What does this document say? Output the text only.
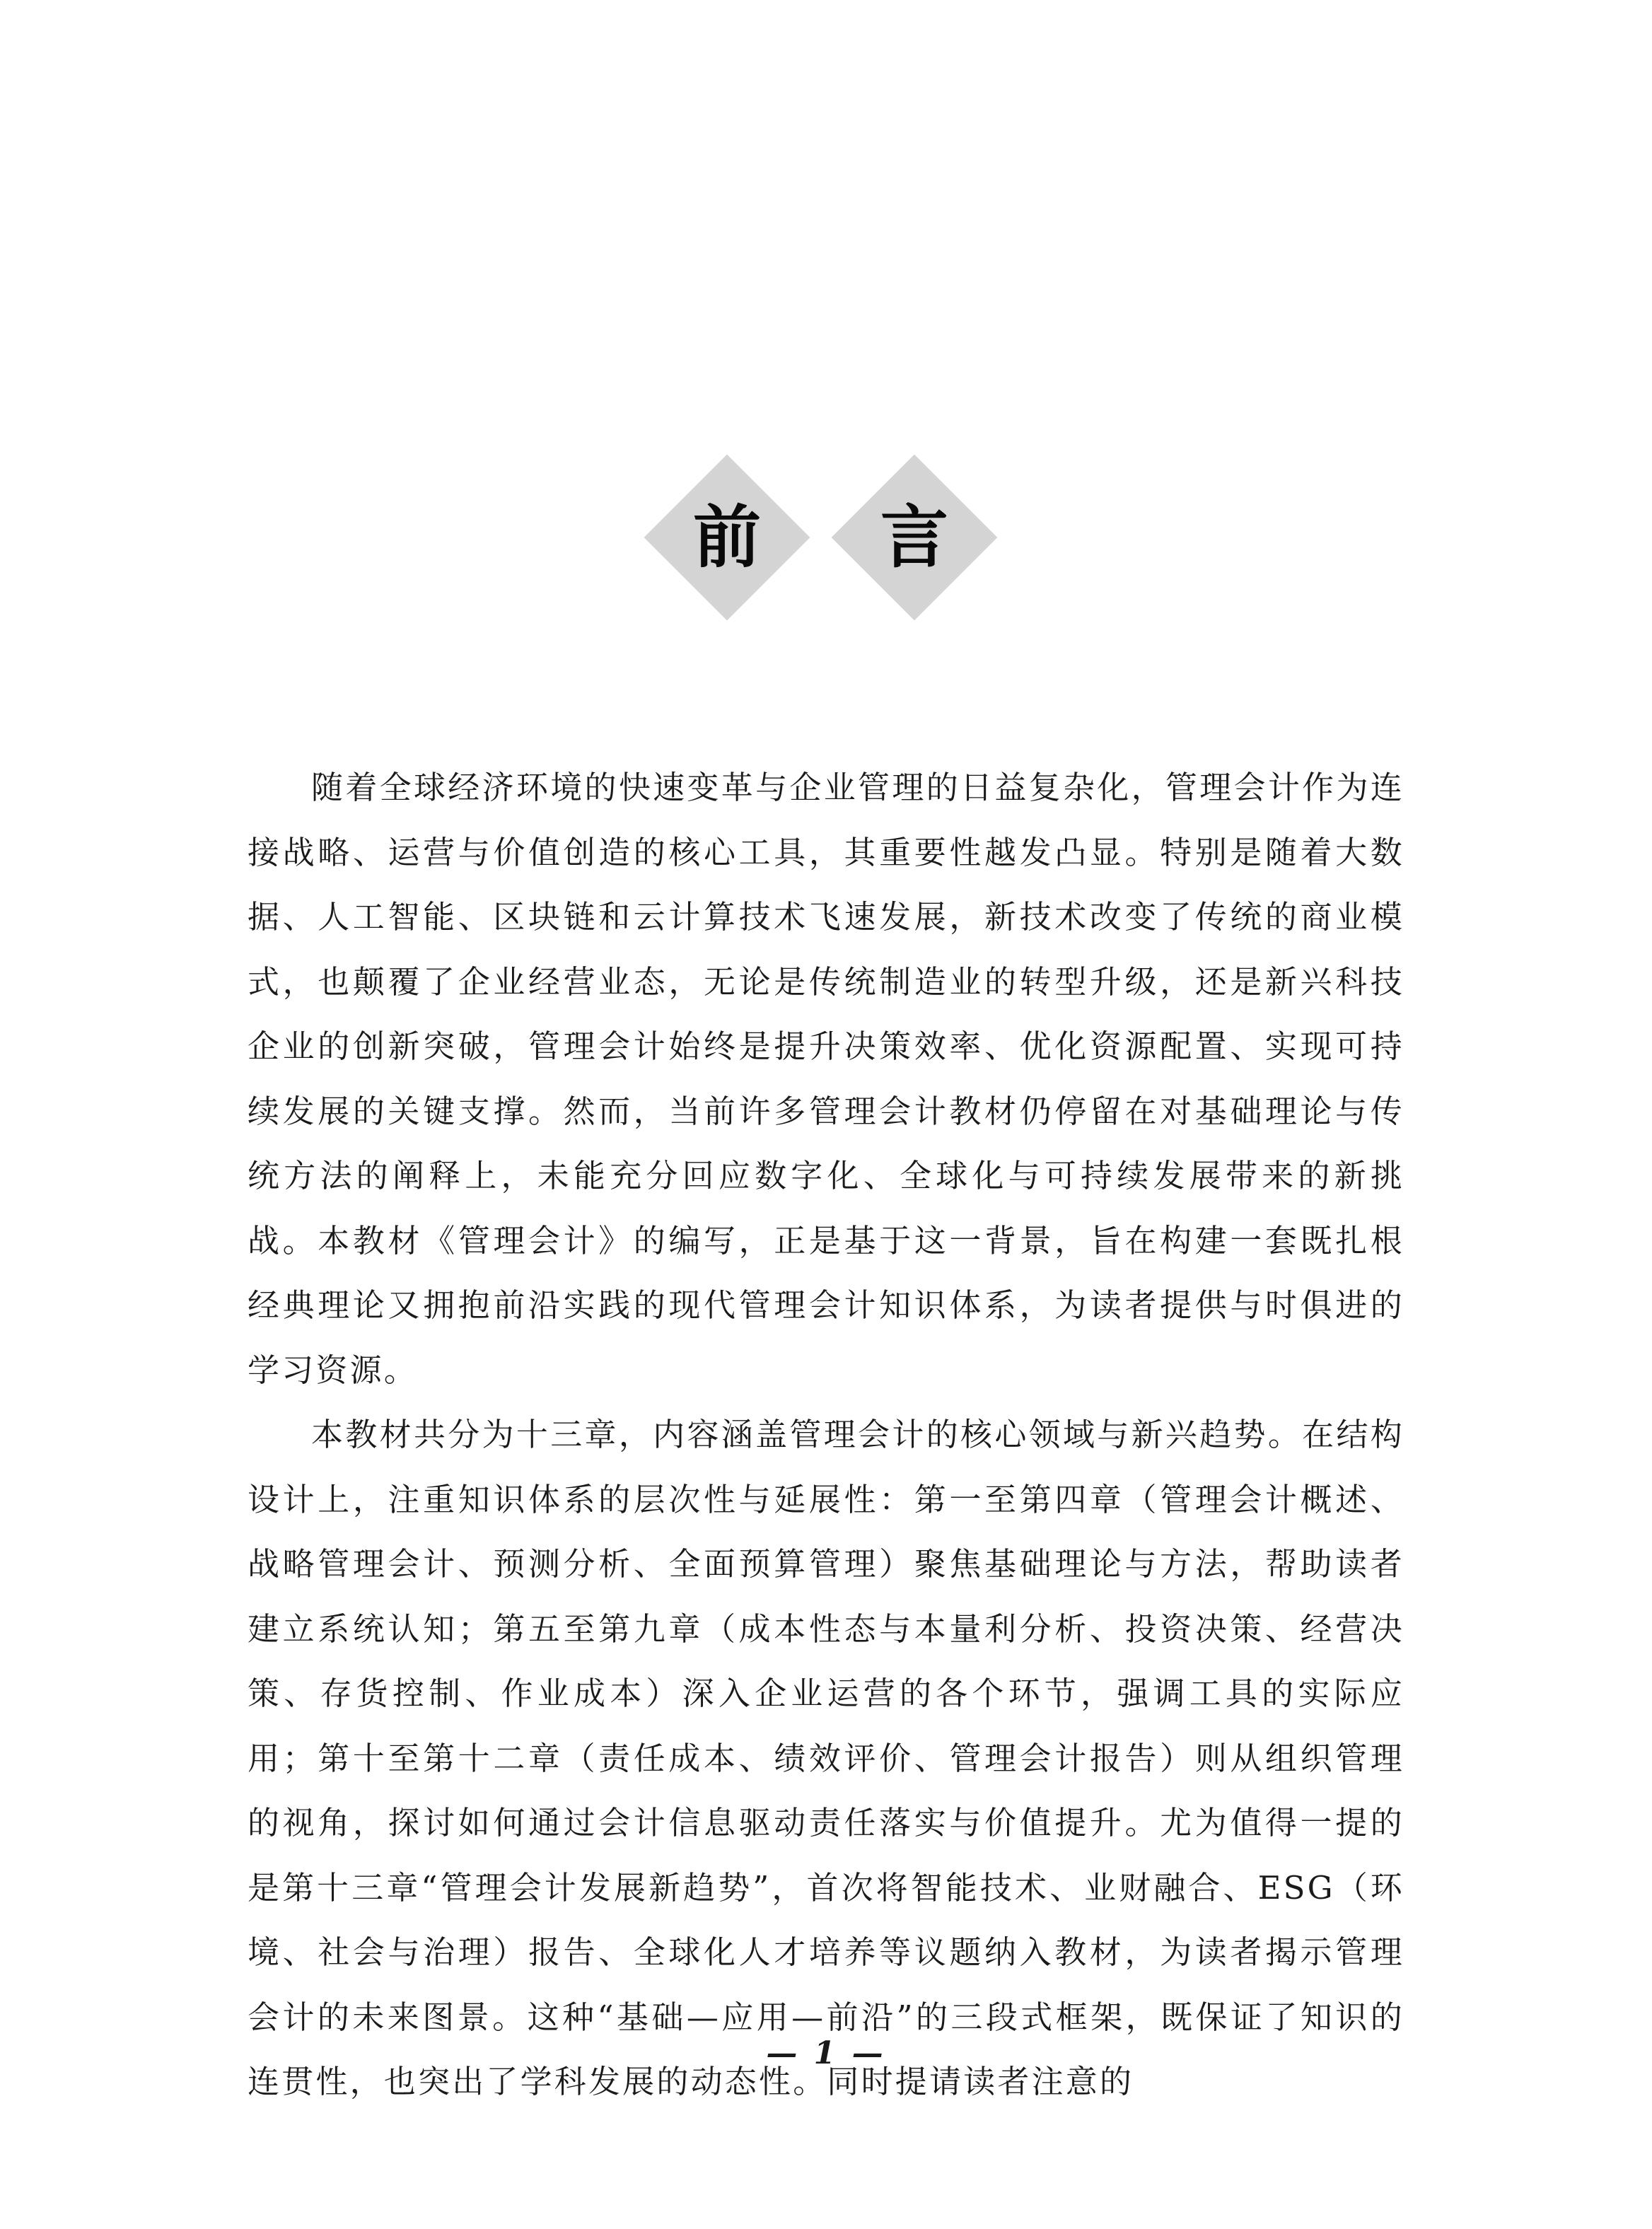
前	言

随着全球经济环境的快速变革与企业管理的日益复杂化，管理会计作为连接战略、运营与价值创造的核心工具，其重要性越发凸显。特别是随着大数据、人工智能、区块链和云计算技术飞速发展，新技术改变了传统的商业模式，也颠覆了企业经营业态，无论是传统制造业的转型升级，还是新兴科技企业的创新突破，管理会计始终是提升决策效率、优化资源配置、实现可持续发展的关键支撑。然而，当前许多管理会计教材仍停留在对基础理论与传统方法的阐释上，未能充分回应数字化、全球化与可持续发展带来的新挑战。本教材《管理会计》的编写，正是基于这一背景，旨在构建一套既扎根经典理论又拥抱前沿实践的现代管理会计知识体系，为读者提供与时俱进的学习资源。

本教材共分为十三章，内容涵盖管理会计的核心领域与新兴趋势。在结构设计上，注重知识体系的层次性与延展性：第一至第四章（管理会计概述、战略管理会计、预测分析、全面预算管理）聚焦基础理论与方法，帮助读者建立系统认知；第五至第九章（成本性态与本量利分析、投资决策、经营决策、存货控制、作业成本）深入企业运营的各个环节，强调工具的实际应用；第十至第十二章（责任成本、绩效评价、管理会计报告）则从组织管理的视角，探讨如何通过会计信息驱动责任落实与价值提升。尤为值得一提的是第十三章“管理会计发展新趋势”，首次将智能技术、业财融合、ESG（环境、社会与治理）报告、全球化人才培养等议题纳入教材，为读者揭示管理会计的未来图景。这种“基础—应用—前沿”的三段式框架，既保证了知识的连贯性，也突出了学科发展的动态性。同时提请读者注意的

— 1 —
